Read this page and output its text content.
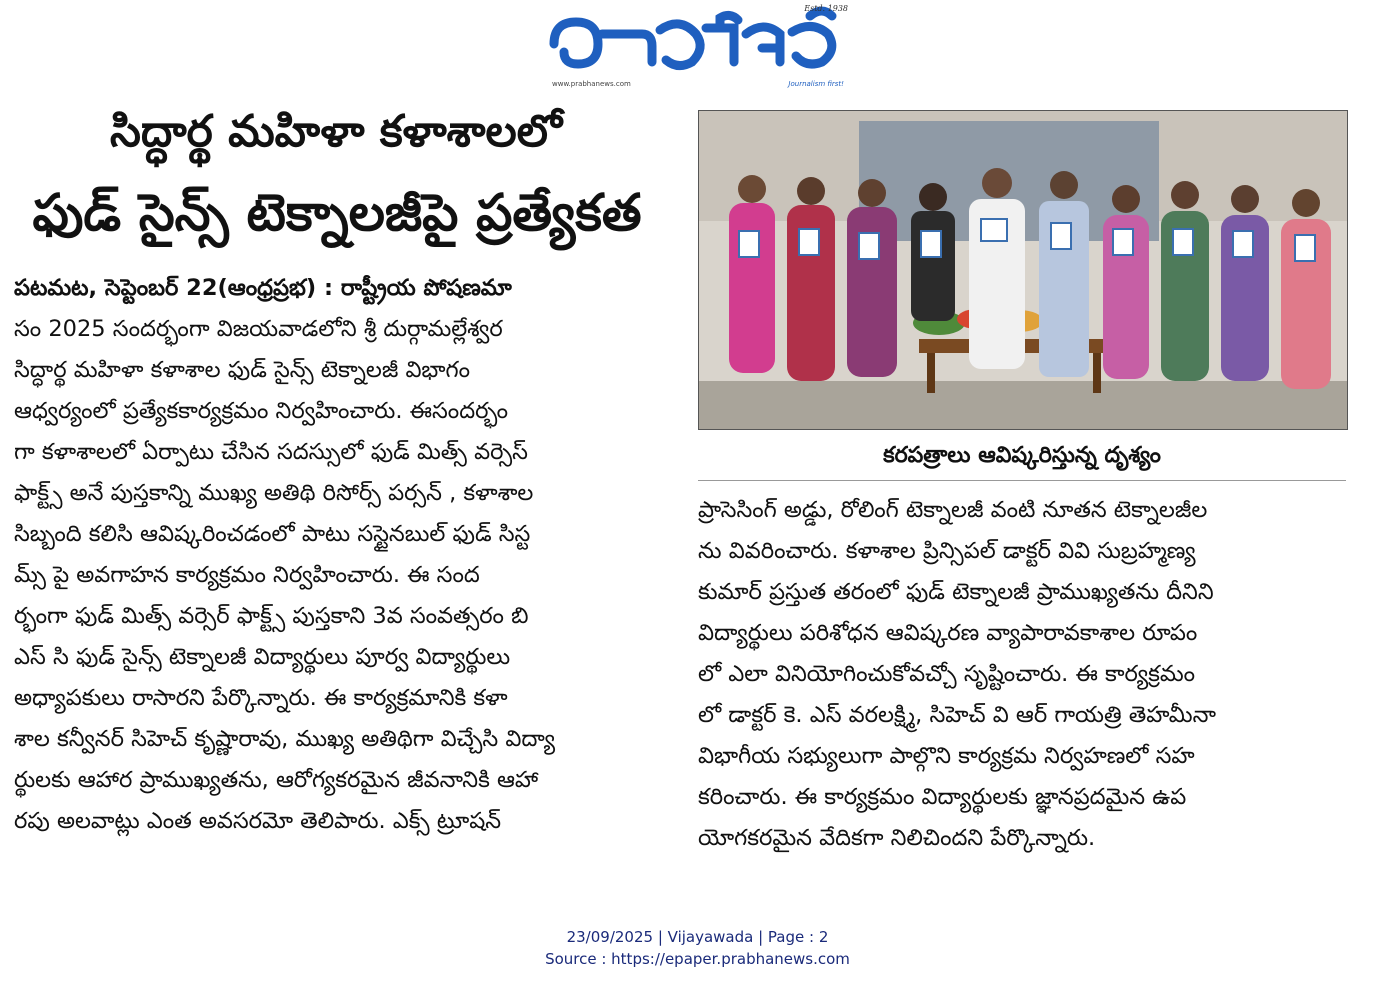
Estd. 1938
www.prabhanews.com	Journalism first!
సిద్ధార్థ మహిళా కళాశాలలో
ఫుడ్ సైన్స్ టెక్నాలజీపై ప్రత్యేకత
పటమట, సెప్టెంబర్ 22(ఆంధ్రప్రభ) : రాష్ట్రీయ పోషణమా
సం 2025 సందర్భంగా విజయవాడలోని శ్రీ దుర్గామల్లేశ్వర
సిద్ధార్థ మహిళా కళాశాల ఫుడ్ సైన్స్ టెక్నాలజీ విభాగం
ఆధ్వర్యంలో ప్రత్యేకకార్యక్రమం నిర్వహించారు. ఈసందర్భం
గా కళాశాలలో ఏర్పాటు చేసిన సదస్సులో ఫుడ్ మిత్స్ వర్సెస్
ఫాక్ట్స్ అనే పుస్తకాన్ని ముఖ్య అతిథి రిసోర్స్ పర్సన్ , కళాశాల
సిబ్బంది కలిసి ఆవిష్కరించడంలో పాటు సస్టైనబుల్ ఫుడ్ సిస్ట
మ్స్ పై అవగాహన కార్యక్రమం నిర్వహించారు. ఈ సంద
ర్భంగా ఫుడ్ మిత్స్ వర్సెర్ ఫాక్ట్స్ పుస్తకాని 3వ సంవత్సరం బి
ఎస్ సి ఫుడ్ సైన్స్ టెక్నాలజీ విద్యార్థులు పూర్వ విద్యార్థులు
అధ్యాపకులు రాసారని పేర్కొన్నారు. ఈ కార్యక్రమానికి కళా
శాల కన్వీనర్ సిహెచ్ కృష్ణారావు, ముఖ్య అతిథిగా విచ్చేసి విద్యా
ర్థులకు ఆహార ప్రాముఖ్యతను, ఆరోగ్యకరమైన జీవనానికి ఆహా
రపు అలవాట్లు ఎంత అవసరమో తెలిపారు. ఎక్స్ ట్రూషన్
కరపత్రాలు ఆవిష్కరిస్తున్న దృశ్యం
ప్రాసెసింగ్ అడ్డు, రోలింగ్ టెక్నాలజీ వంటి నూతన టెక్నాలజీల
ను వివరించారు. కళాశాల ప్రిన్సిపల్ డాక్టర్ వివి సుబ్రహ్మణ్య
కుమార్ ప్రస్తుత తరంలో ఫుడ్ టెక్నాలజీ ప్రాముఖ్యతను దీనిని
విద్యార్థులు పరిశోధన ఆవిష్కరణ వ్యాపారావకాశాల రూపం
లో ఎలా వినియోగించుకోవచ్చో సృష్టించారు. ఈ కార్యక్రమం
లో డాక్టర్ కె. ఎస్ వరలక్ష్మి, సిహెచ్ వి ఆర్ గాయత్రి తెహమీనా
విభాగీయ సభ్యులుగా పాల్గొని కార్యక్రమ నిర్వహణలో సహ
కరించారు. ఈ కార్యక్రమం విద్యార్థులకు జ్ఞానప్రదమైన ఉప
యోగకరమైన వేదికగా నిలిచిందని పేర్కొన్నారు.
23/09/2025 | Vijayawada | Page : 2
Source : https://epaper.prabhanews.com
